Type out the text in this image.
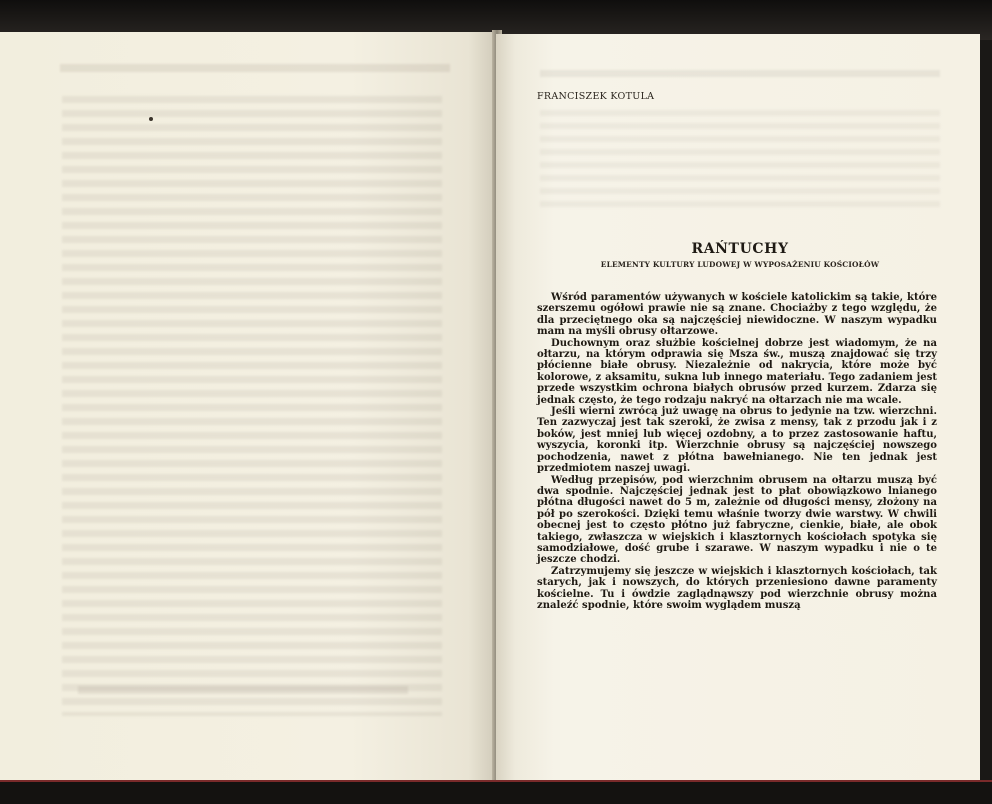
FRANCISZEK KOTULA
RAŃTUCHY
ELEMENTY KULTURY LUDOWEJ W WYPOSAŻENIU KOŚCIOŁÓW

Wśród paramentów używanych w kościele katolickim są takie, które szerszemu ogółowi prawie nie są znane. Chociażby z tego względu, że dla przeciętnego oka są najczęściej niewidoczne. W naszym wypadku mam na myśli obrusy ołtarzowe.

Duchownym oraz służbie kościelnej dobrze jest wiadomym, że na ołtarzu, na którym odprawia się Msza św., muszą znajdować się trzy płócienne białe obrusy. Niezależnie od nakrycia, które może być kolorowe, z aksamitu, sukna lub innego materiału. Tego zadaniem jest przede wszystkim ochrona białych obrusów przed kurzem. Zdarza się jednak często, że tego rodzaju nakryć na ołtarzach nie ma wcale.

Jeśli wierni zwrócą już uwagę na obrus to jedynie na tzw. wierzchni. Ten zazwyczaj jest tak szeroki, że zwisa z mensy, tak z przodu jak i z boków, jest mniej lub więcej ozdobny, a to przez zastosowanie haftu, wyszycia, koronki itp. Wierzchnie obrusy są najczęściej nowszego pochodzenia, nawet z płótna bawełnianego. Nie ten jednak jest przedmiotem naszej uwagi.

Według przepisów, pod wierzchnim obrusem na ołtarzu muszą być dwa spodnie. Najczęściej jednak jest to płat obowiązkowo lnianego płótna długości nawet do 5 m, zależnie od długości mensy, złożony na pół po szerokości. Dzięki temu właśnie tworzy dwie warstwy. W chwili obecnej jest to często płótno już fabryczne, cienkie, białe, ale obok takiego, zwłaszcza w wiejskich i klasztornych kościołach spotyka się samodziałowe, dość grube i szarawe. W naszym wypadku i nie o te jeszcze chodzi.

Zatrzymujemy się jeszcze w wiejskich i klasztornych kościołach, tak starych, jak i nowszych, do których przeniesiono dawne paramenty kościelne. Tu i ówdzie zaglądnąwszy pod wierzchnie obrusy można znaleźć spodnie, które swoim wyglądem muszą
